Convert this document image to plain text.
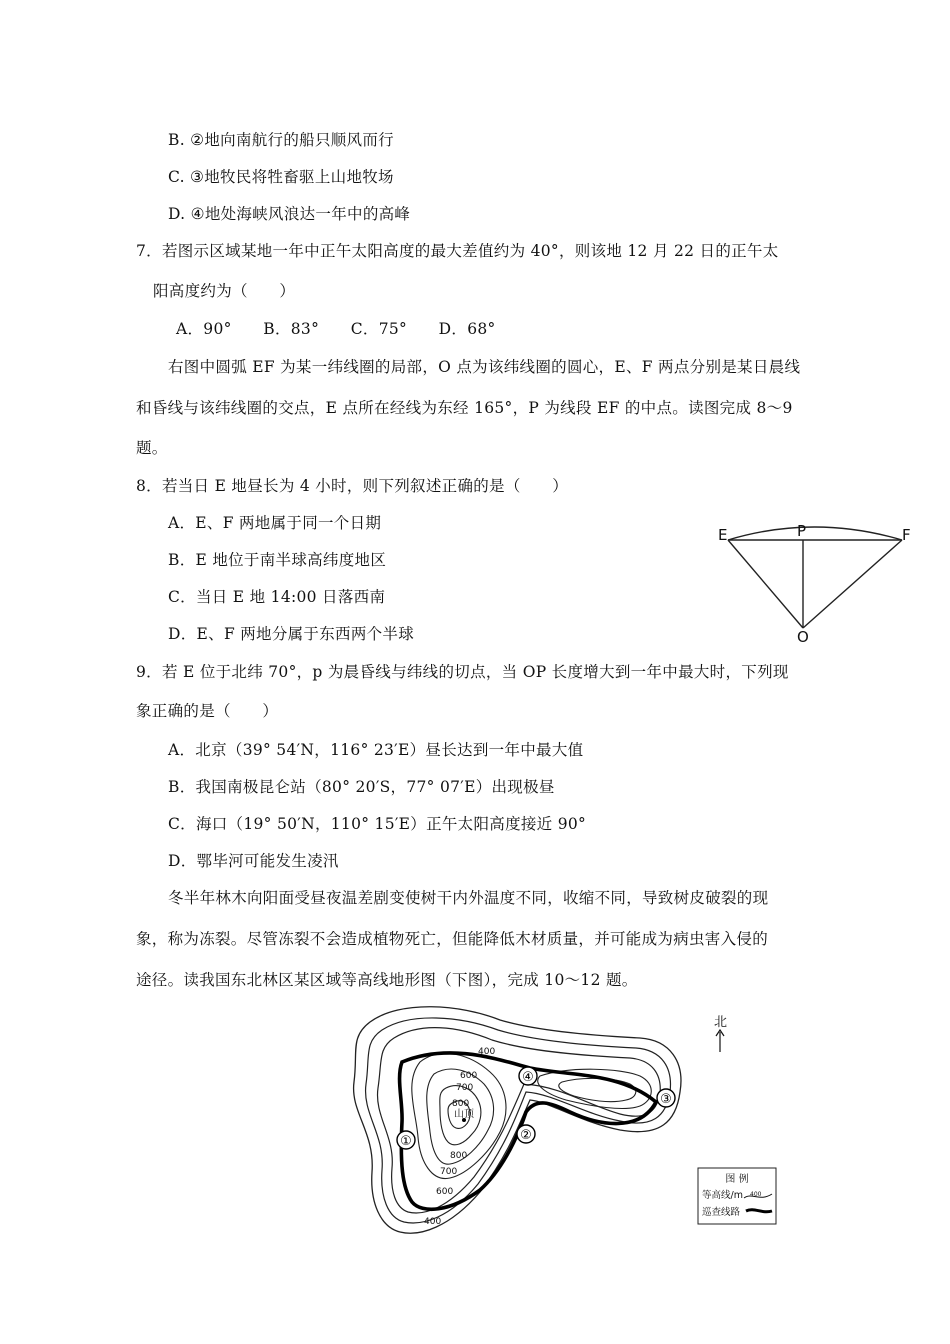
B. ②地向南航行的船只顺风而行
C. ③地牧民将牲畜驱上山地牧场
D. ④地处海峡风浪达一年中的高峰
7．若图示区域某地一年中正午太阳高度的最大差值约为 40°，则该地 12 月 22 日的正午太
阳高度约为（　　）
A．90°　　B．83°　　C．75°　　D．68°
右图中圆弧 EF 为某一纬线圈的局部，O 点为该纬线圈的圆心，E、F 两点分别是某日晨线
和昏线与该纬线圈的交点，E 点所在经线为东经 165°，P 为线段 EF 的中点。读图完成 8～9
题。
8．若当日 E 地昼长为 4 小时，则下列叙述正确的是（　　）
A．E、F 两地属于同一个日期
B．E 地位于南半球高纬度地区
C．当日 E 地 14:00 日落西南
D．E、F 两地分属于东西两个半球
9．若 E 位于北纬 70°，p 为晨昏线与纬线的切点，当 OP 长度增大到一年中最大时，下列现
象正确的是（　　）
A．北京（39° 54′N，116° 23′E）昼长达到一年中最大值
B．我国南极昆仑站（80° 20′S，77° 07′E）出现极昼
C．海口（19° 50′N，110° 15′E）正午太阳高度接近 90°
D．鄂毕河可能发生凌汛
冬半年林木向阳面受昼夜温差剧变使树干内外温度不同，收缩不同，导致树皮破裂的现
象，称为冻裂。尽管冻裂不会造成植物死亡，但能降低木材质量，并可能成为病虫害入侵的
途径。读我国东北林区某区域等高线地形图（下图），完成 10～12 题。
E	P	F
O
山顶
400
600
700
800
800
700
600
400
①	②
③
④
北
图 例
等高线/m 400
巡查线路
